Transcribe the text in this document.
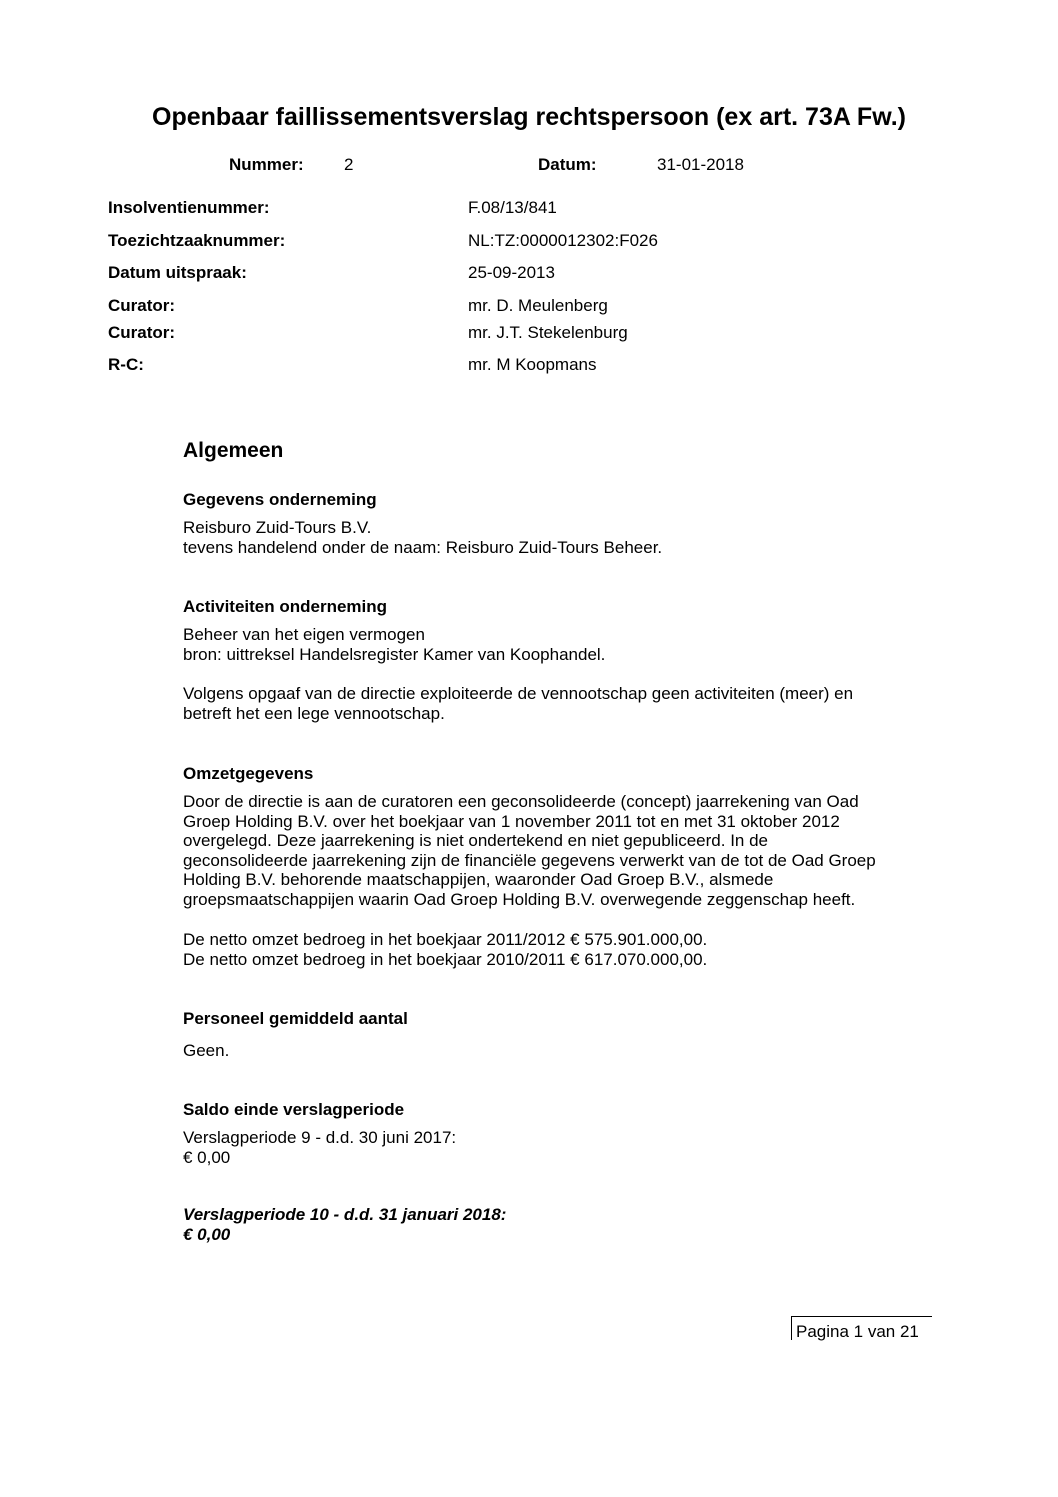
Openbaar faillissementsverslag rechtspersoon (ex art. 73A Fw.)
Nummer: 2	Datum:	31-01-2018
Insolventienummer:	F.08/13/841
Toezichtzaaknummer:	NL:TZ:0000012302:F026
Datum uitspraak:	25-09-2013
Curator:	mr. D. Meulenberg
Curator:	mr. J.T. Stekelenburg
R-C:	mr. M Koopmans
Algemeen
Gegevens onderneming
Reisburo Zuid-Tours B.V.
tevens handelend onder de naam: Reisburo Zuid-Tours Beheer.
Activiteiten onderneming
Beheer van het eigen vermogen
bron: uittreksel Handelsregister Kamer van Koophandel.
Volgens opgaaf van de directie exploiteerde de vennootschap geen activiteiten (meer) en
betreft het een lege vennootschap.
Omzetgegevens
Door de directie is aan de curatoren een geconsolideerde (concept) jaarrekening van Oad
Groep Holding B.V. over het boekjaar van 1 november 2011 tot en met 31 oktober 2012
overgelegd. Deze jaarrekening is niet ondertekend en niet gepubliceerd. In de
geconsolideerde jaarrekening zijn de financiële gegevens verwerkt van de tot de Oad Groep
Holding B.V. behorende maatschappijen, waaronder Oad Groep B.V., alsmede
groepsmaatschappijen waarin Oad Groep Holding B.V. overwegende zeggenschap heeft.
De netto omzet bedroeg in het boekjaar 2011/2012 € 575.901.000,00.
De netto omzet bedroeg in het boekjaar 2010/2011 € 617.070.000,00.
Personeel gemiddeld aantal
Geen.
Saldo einde verslagperiode
Verslagperiode 9 - d.d. 30 juni 2017:
€ 0,00
Verslagperiode 10 - d.d. 31 januari 2018:
€ 0,00
Pagina 1 van 21
